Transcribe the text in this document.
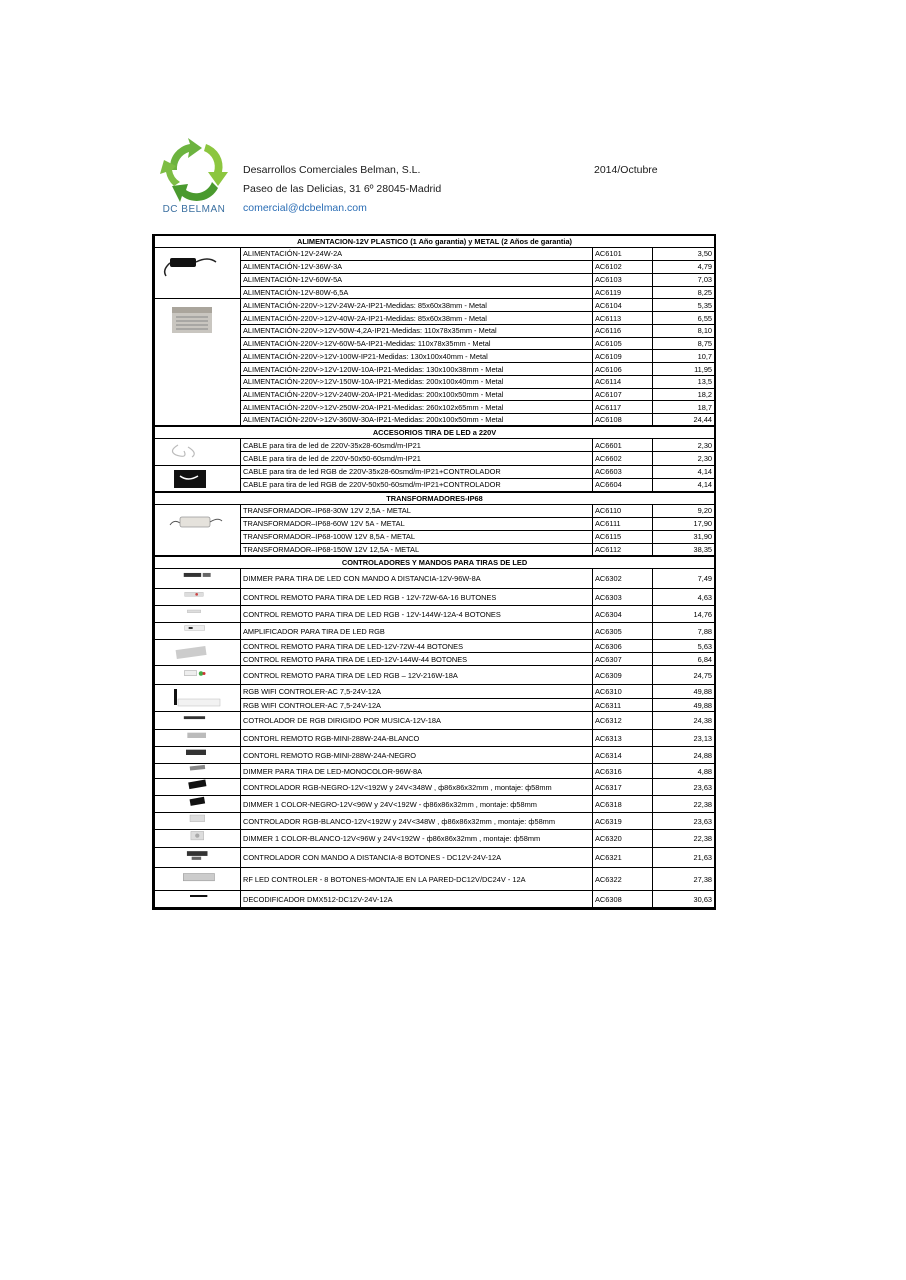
DC BELMAN
Desarrollos Comerciales Belman, S.L.
Paseo de las Delicias, 31 6º 28045-Madrid
comercial@dcbelman.com
2014/Octubre
ALIMENTACION-12V PLASTICO (1 Año garantia) y METAL (2 Años de garantia)			

	ALIMENTACIÓN-12V-24W-2A	AC6101	3,50
	ALIMENTACIÓN-12V-36W-3A	AC6102	4,79
	ALIMENTACIÓN-12V-60W-5A	AC6103	7,03
	ALIMENTACIÓN-12V-80W-6,5A	AC6119	8,25

	ALIMENTACIÓN-220V->12V-24W-2A-IP21-Medidas: 85x60x38mm - Metal	AC6104	5,35
	ALIMENTACIÓN-220V->12V-40W-2A-IP21-Medidas: 85x60x38mm - Metal	AC6113	6,55
	ALIMENTACIÓN-220V->12V-50W-4,2A-IP21-Medidas: 110x78x35mm - Metal	AC6116	8,10
	ALIMENTACIÓN-220V->12V-60W-5A-IP21-Medidas: 110x78x35mm - Metal	AC6105	8,75
	ALIMENTACIÓN-220V->12V-100W-IP21-Medidas: 130x100x40mm - Metal	AC6109	10,7
	ALIMENTACIÓN-220V->12V-120W-10A-IP21-Medidas: 130x100x38mm - Metal	AC6106	11,95
	ALIMENTACIÓN-220V->12V-150W-10A-IP21-Medidas: 200x100x40mm - Metal	AC6114	13,5
	ALIMENTACIÓN-220V->12V-240W-20A-IP21-Medidas: 200x100x50mm - Metal	AC6107	18,2
	ALIMENTACIÓN-220V->12V-250W-20A-IP21-Medidas: 260x102x65mm - Metal	AC6117	18,7
	ALIMENTACIÓN-220V->12V-360W-30A-IP21-Medidas: 200x100x50mm - Metal	AC6108	24,44
ACCESORIOS TIRA DE LED a 220V			

	CABLE para tira de led de 220V-35x28-60smd/m-IP21	AC6601	2,30
	CABLE para tira de led de 220V-50x50-60smd/m-IP21	AC6602	2,30

	CABLE para tira de led RGB de 220V-35x28-60smd/m-IP21+CONTROLADOR	AC6603	4,14
	CABLE para tira de led RGB de 220V-50x50-60smd/m-IP21+CONTROLADOR	AC6604	4,14
TRANSFORMADORES-IP68			

	TRANSFORMADOR–IP68-30W 12V 2,5A - METAL	AC6110	9,20
	TRANSFORMADOR–IP68-60W 12V 5A - METAL	AC6111	17,90
	TRANSFORMADOR–IP68-100W 12V 8,5A - METAL	AC6115	31,90
	TRANSFORMADOR–IP68-150W 12V 12,5A - METAL	AC6112	38,35
CONTROLADORES Y MANDOS PARA TIRAS DE LED			

	DIMMER PARA TIRA DE LED CON MANDO A DISTANCIA-12V-96W-8A	AC6302	7,49

	CONTROL REMOTO PARA TIRA DE LED RGB - 12V-72W-6A-16 BUTONES	AC6303	4,63

	CONTROL REMOTO PARA TIRA DE LED RGB - 12V-144W-12A-4 BOTONES	AC6304	14,76

	AMPLIFICADOR PARA TIRA DE LED RGB	AC6305	7,88

	CONTROL REMOTO PARA TIRA DE LED-12V-72W-44 BOTONES	AC6306	5,63
	CONTROL REMOTO PARA TIRA DE LED-12V-144W-44 BOTONES	AC6307	6,84

	CONTROL REMOTO PARA TIRA DE LED RGB – 12V-216W-18A	AC6309	24,75

	RGB WIFI CONTROLER-AC 7,5-24V-12A	AC6310	49,88
	RGB WIFI CONTROLER-AC 7,5-24V-12A	AC6311	49,88

	COTROLADOR DE RGB DIRIGIDO POR MUSICA-12V-18A	AC6312	24,38

	CONTORL REMOTO RGB-MINI-288W-24A-BLANCO	AC6313	23,13

	CONTORL REMOTO RGB-MINI-288W-24A-NEGRO	AC6314	24,88

	DIMMER PARA TIRA DE LED-MONOCOLOR-96W-8A	AC6316	4,88

	CONTROLADOR RGB-NEGRO-12V<192W y 24V<348W , ф86x86x32mm , montaje: ф58mm	AC6317	23,63

	DIMMER 1 COLOR-NEGRO-12V<96W y 24V<192W - ф86x86x32mm , montaje: ф58mm	AC6318	22,38

	CONTROLADOR RGB-BLANCO-12V<192W y 24V<348W , ф86x86x32mm , montaje: ф58mm	AC6319	23,63

	DIMMER 1 COLOR-BLANCO-12V<96W y 24V<192W - ф86x86x32mm , montaje: ф58mm	AC6320	22,38

	CONTROLADOR CON MANDO A DISTANCIA-8 BOTONES - DC12V-24V-12A	AC6321	21,63

	RF LED CONTROLER - 8 BOTONES-MONTAJE EN LA PARED-DC12V/DC24V - 12A	AC6322	27,38

	DECODIFICADOR DMX512-DC12V-24V-12A	AC6308	30,63
